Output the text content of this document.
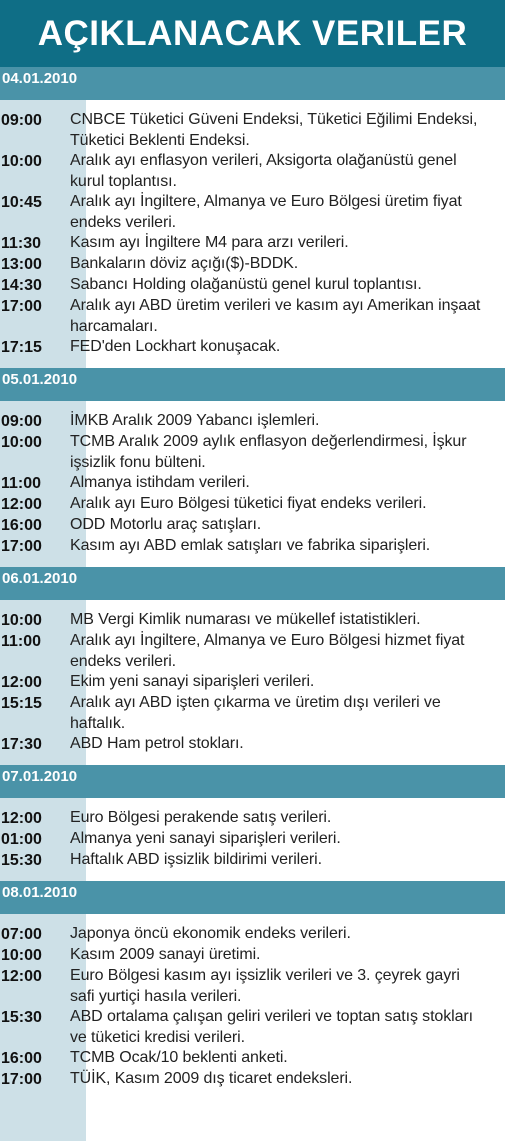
AÇIKLANACAK VERILER
04.01.2010
09:00	CNBCE Tüketici Güveni Endeksi, Tüketici Eğilimi Endeksi, Tüketici Beklenti Endeksi.
10:00	Aralık ayı enflasyon verileri, Aksigorta olağanüstü genel kurul toplantısı.
10:45	Aralık ayı İngiltere, Almanya ve Euro Bölgesi üretim fiyat endeks verileri.
11:30	Kasım ayı İngiltere M4 para arzı verileri.
13:00	Bankaların döviz açığı($)-BDDK.
14:30	Sabancı Holding olağanüstü genel kurul toplantısı.
17:00	Aralık ayı ABD üretim verileri ve kasım ayı Amerikan inşaat harcamaları.
17:15	FED'den Lockhart konuşacak.
05.01.2010
09:00	İMKB Aralık 2009 Yabancı işlemleri.
10:00	TCMB Aralık 2009 aylık enflasyon değerlendirmesi, İşkur işsizlik fonu bülteni.
11:00	Almanya istihdam verileri.
12:00	Aralık ayı Euro Bölgesi tüketici fiyat endeks verileri.
16:00	ODD Motorlu araç satışları.
17:00	Kasım ayı ABD emlak satışları ve fabrika siparişleri.
06.01.2010
10:00	MB Vergi Kimlik numarası ve mükellef istatistikleri.
11:00	Aralık ayı İngiltere, Almanya ve Euro Bölgesi hizmet fiyat endeks verileri.
12:00	Ekim yeni sanayi siparişleri verileri.
15:15	Aralık ayı ABD işten çıkarma ve üretim dışı verileri ve haftalık.
17:30	ABD Ham petrol stokları.
07.01.2010
12:00	Euro Bölgesi perakende satış verileri.
01:00	Almanya yeni sanayi siparişleri verileri.
15:30	Haftalık ABD işsizlik bildirimi verileri.
08.01.2010
07:00	Japonya öncü ekonomik endeks verileri.
10:00	Kasım 2009 sanayi üretimi.
12:00	Euro Bölgesi kasım ayı işsizlik verileri ve 3. çeyrek gayri safi yurtiçi hasıla verileri.
15:30	ABD ortalama çalışan geliri verileri ve toptan satış stokları ve tüketici kredisi verileri.
16:00	TCMB Ocak/10 beklenti anketi.
17:00	TÜİK, Kasım 2009 dış ticaret endeksleri.
